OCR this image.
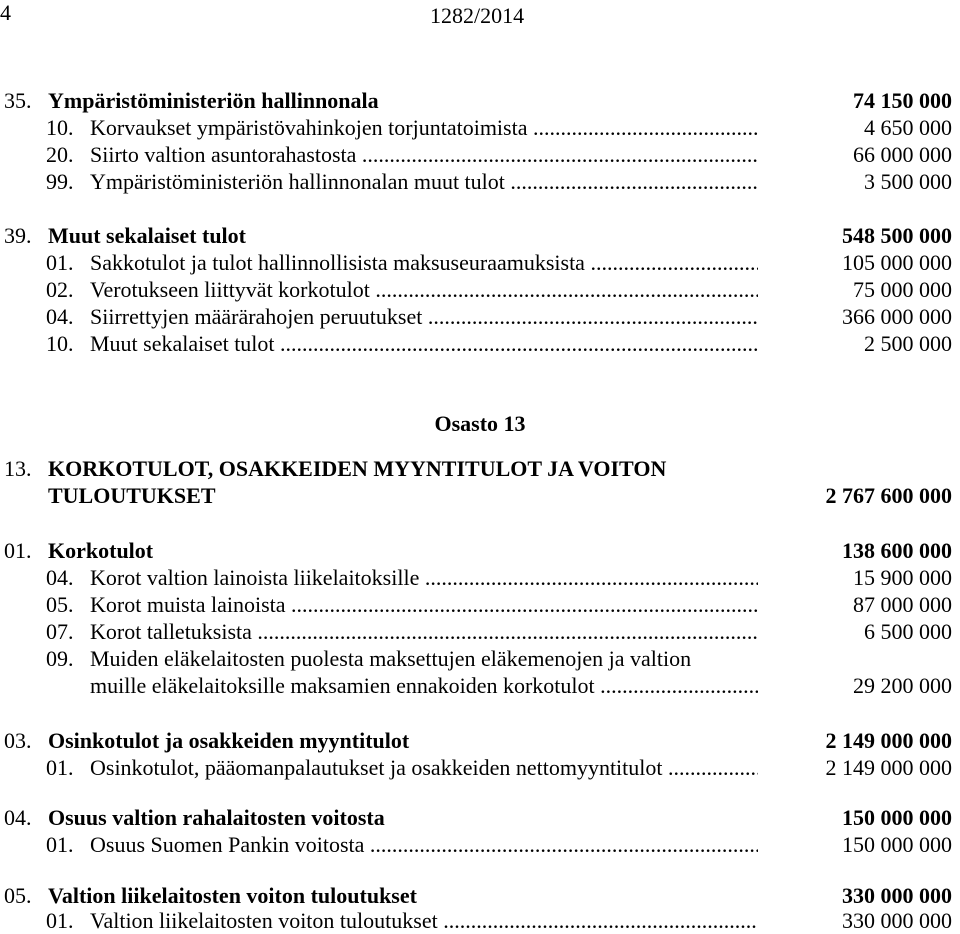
4	1282/2014
35. Ympäristöministeriön hallinnonala	74 150 000
10. Korvaukset ympäristövahinkojen torjuntatoimista .....	4 650 000
20. Siirto valtion asuntorahastosta .....	66 000 000
99. Ympäristöministeriön hallinnonalan muut tulot .....	3 500 000
39. Muut sekalaiset tulot	548 500 000
01. Sakkotulot ja tulot hallinnollisista maksuseuraamuksista .....	105 000 000
02. Verotukseen liittyvät korkotulot .....	75 000 000
04. Siirrettyjen määrärahojen peruutukset .....	366 000 000
10. Muut sekalaiset tulot .....	2 500 000
Osasto 13
13. KORKOTULOT, OSAKKEIDEN MYYNTITULOT JA VOITON
TULOUTUKSET	2 767 600 000
01. Korkotulot	138 600 000
04. Korot valtion lainoista liikelaitoksille .....	15 900 000
05. Korot muista lainoista .....	87 000 000
07. Korot talletuksista .....	6 500 000
09. Muiden eläkelaitosten puolesta maksettujen eläkemenojen ja valtion
muille eläkelaitoksille maksamien ennakoiden korkotulot .....	29 200 000
03. Osinkotulot ja osakkeiden myyntitulot	2 149 000 000
01. Osinkotulot, pääomanpalautukset ja osakkeiden nettomyyntitulot .....	2 149 000 000
04. Osuus valtion rahalaitosten voitosta	150 000 000
01. Osuus Suomen Pankin voitosta .....	150 000 000
05. Valtion liikelaitosten voiton tuloutukset	330 000 000
01. Valtion liikelaitosten voiton tuloutukset .....	330 000 000
